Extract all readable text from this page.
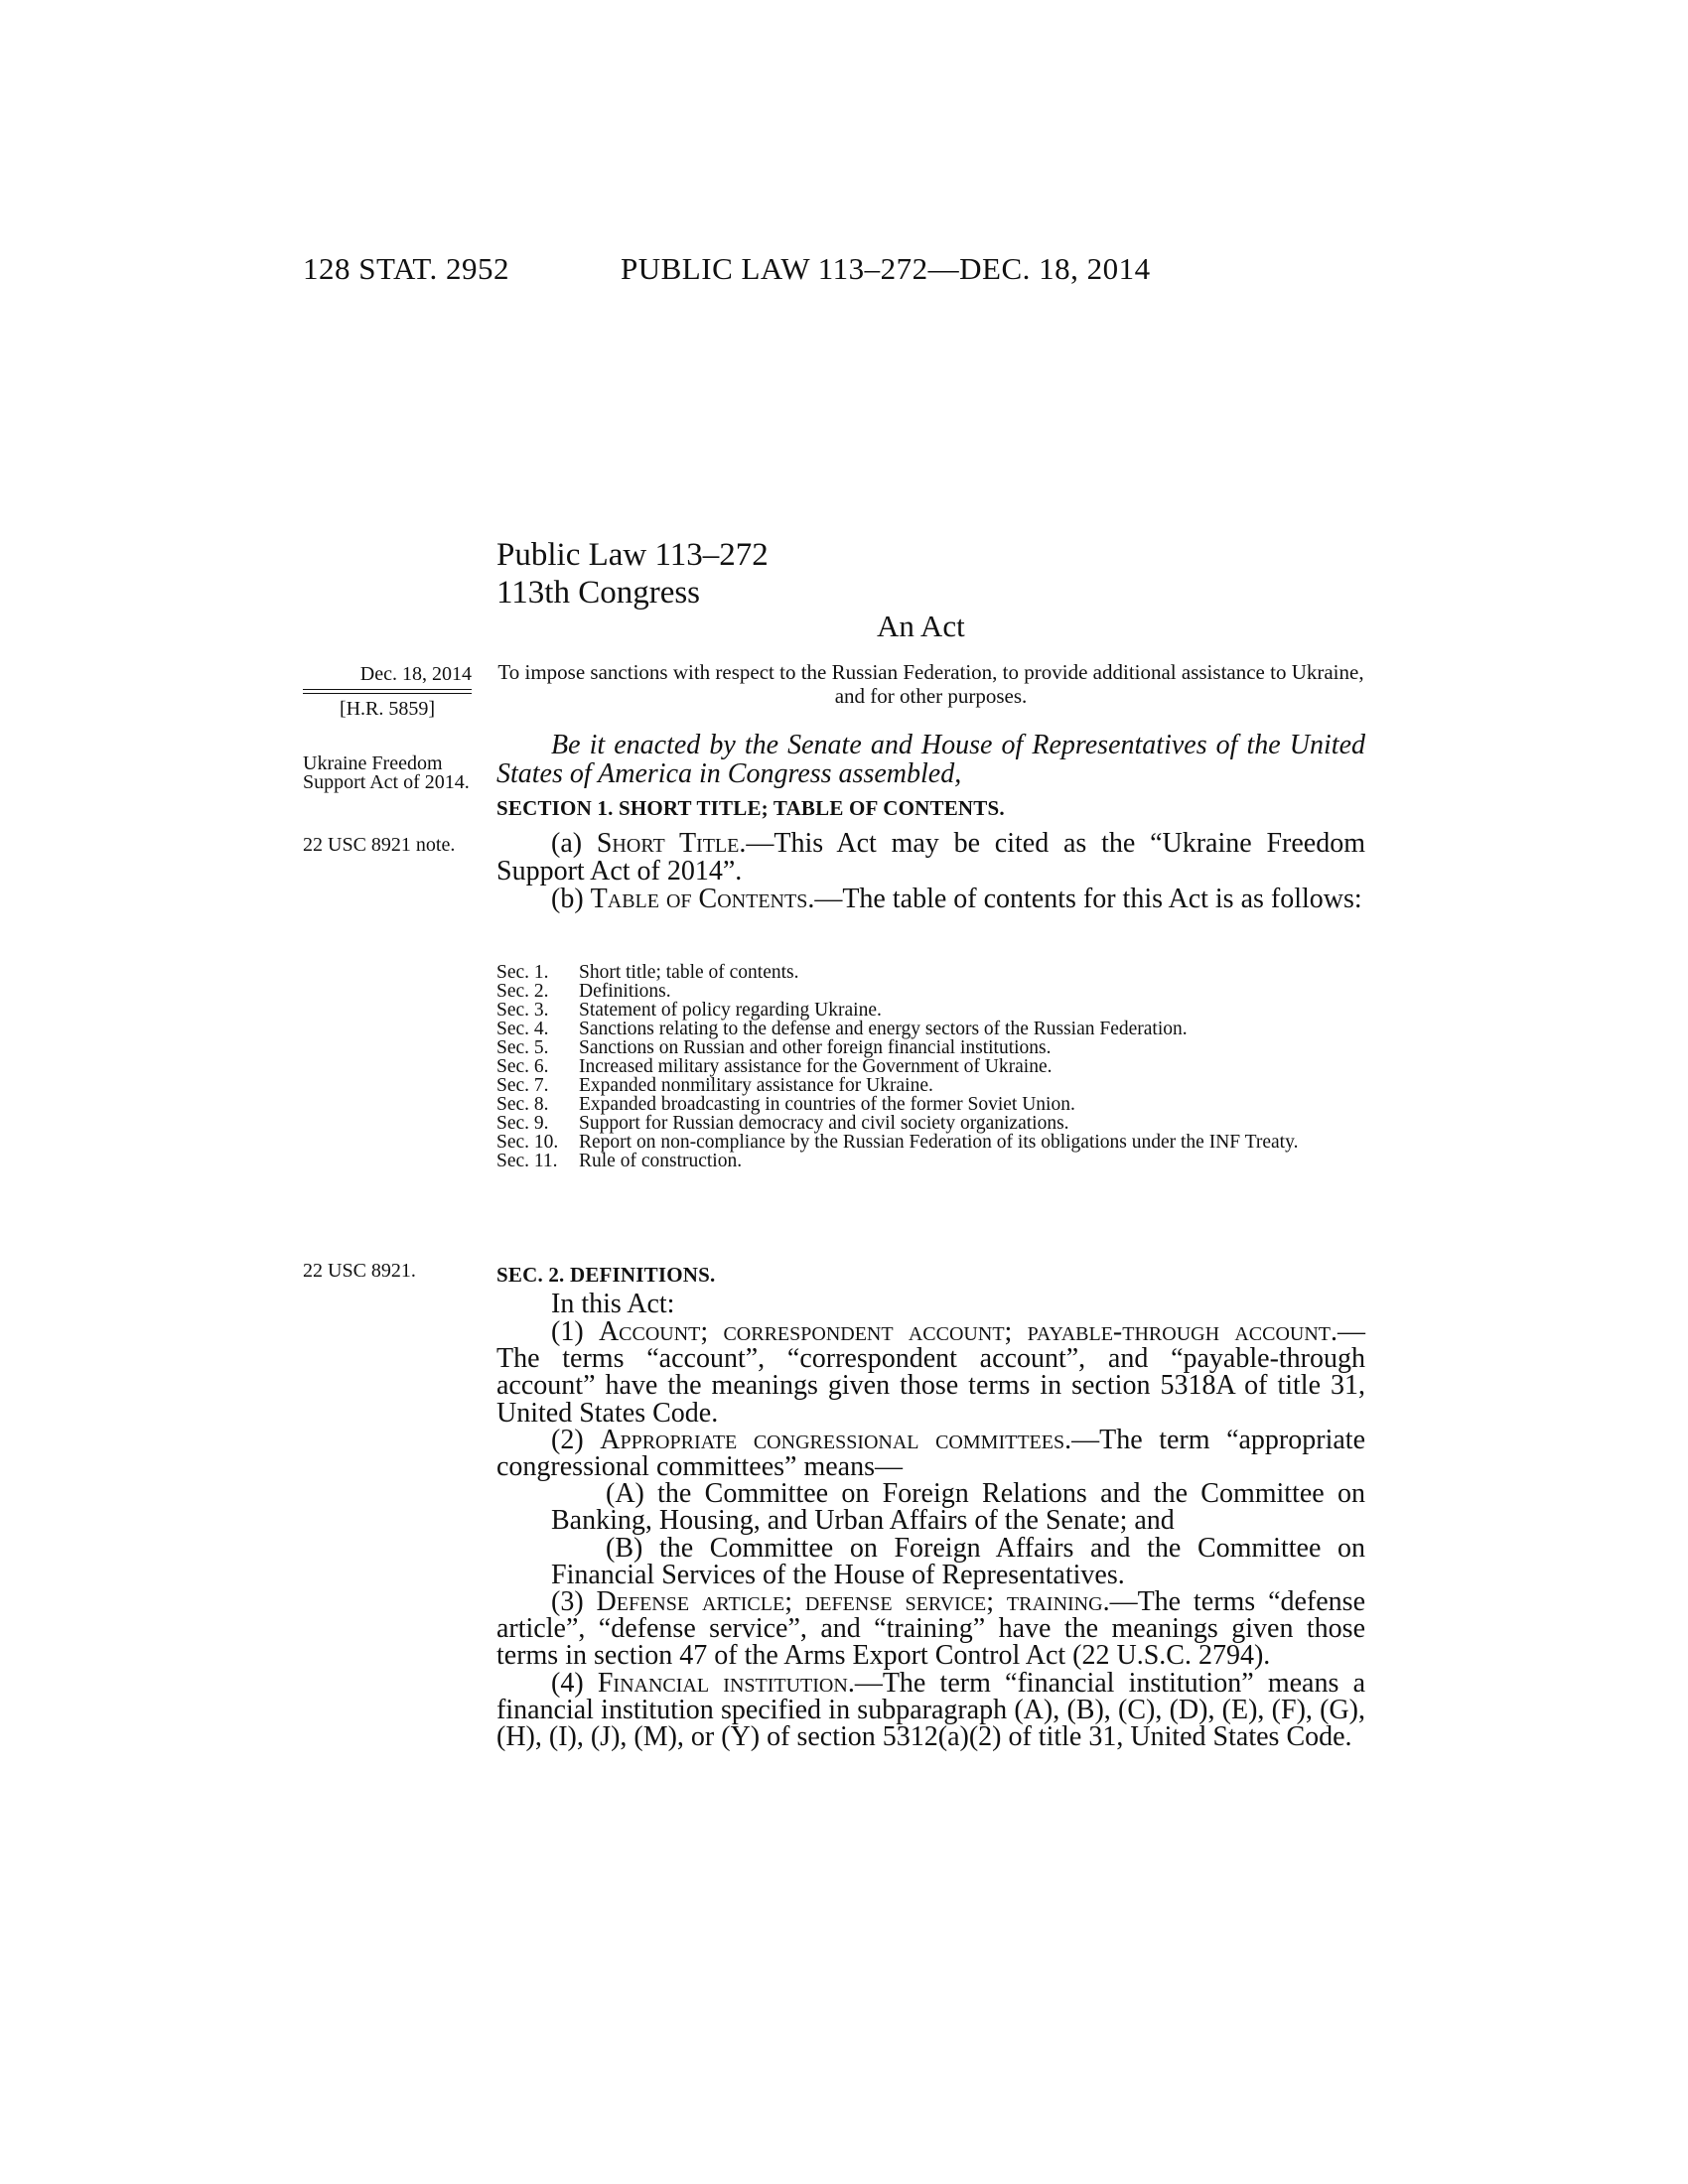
128 STAT. 2952	PUBLIC LAW 113–272—DEC. 18, 2014
Public Law 113–272
113th Congress
An Act
Dec. 18, 2014
[H.R. 5859]
To impose sanctions with respect to the Russian Federation, to provide additional assistance to Ukraine, and for other purposes.
Ukraine Freedom Support Act of 2014.
22 USC 8921 note.
22 USC 8921.
Be it enacted by the Senate and House of Representatives of the United States of America in Congress assembled,
SECTION 1. SHORT TITLE; TABLE OF CONTENTS.
(a) Short Title.—This Act may be cited as the “Ukraine Freedom Support Act of 2014”.
(b) Table of Contents.—The table of contents for this Act is as follows:
Sec. 1.	Short title; table of contents.
Sec. 2.	Definitions.
Sec. 3.	Statement of policy regarding Ukraine.
Sec. 4.	Sanctions relating to the defense and energy sectors of the Russian Federation.
Sec. 5.	Sanctions on Russian and other foreign financial institutions.
Sec. 6.	Increased military assistance for the Government of Ukraine.
Sec. 7.	Expanded nonmilitary assistance for Ukraine.
Sec. 8.	Expanded broadcasting in countries of the former Soviet Union.
Sec. 9.	Support for Russian democracy and civil society organizations.
Sec. 10.	Report on non-compliance by the Russian Federation of its obligations under the INF Treaty.
Sec. 11.	Rule of construction.
SEC. 2. DEFINITIONS.

In this Act:

(1) Account; correspondent account; payable-through account.—The terms “account”, “correspondent account”, and “payable-through account” have the meanings given those terms in section 5318A of title 31, United States Code.

(2) Appropriate congressional committees.—The term “appropriate congressional committees” means—

(A) the Committee on Foreign Relations and the Committee on Banking, Housing, and Urban Affairs of the Senate; and

(B) the Committee on Foreign Affairs and the Committee on Financial Services of the House of Representatives.

(3) Defense article; defense service; training.—The terms “defense article”, “defense service”, and “training” have the meanings given those terms in section 47 of the Arms Export Control Act (22 U.S.C. 2794).

(4) Financial institution.—The term “financial institution” means a financial institution specified in subparagraph (A), (B), (C), (D), (E), (F), (G), (H), (I), (J), (M), or (Y) of section 5312(a)(2) of title 31, United States Code.
